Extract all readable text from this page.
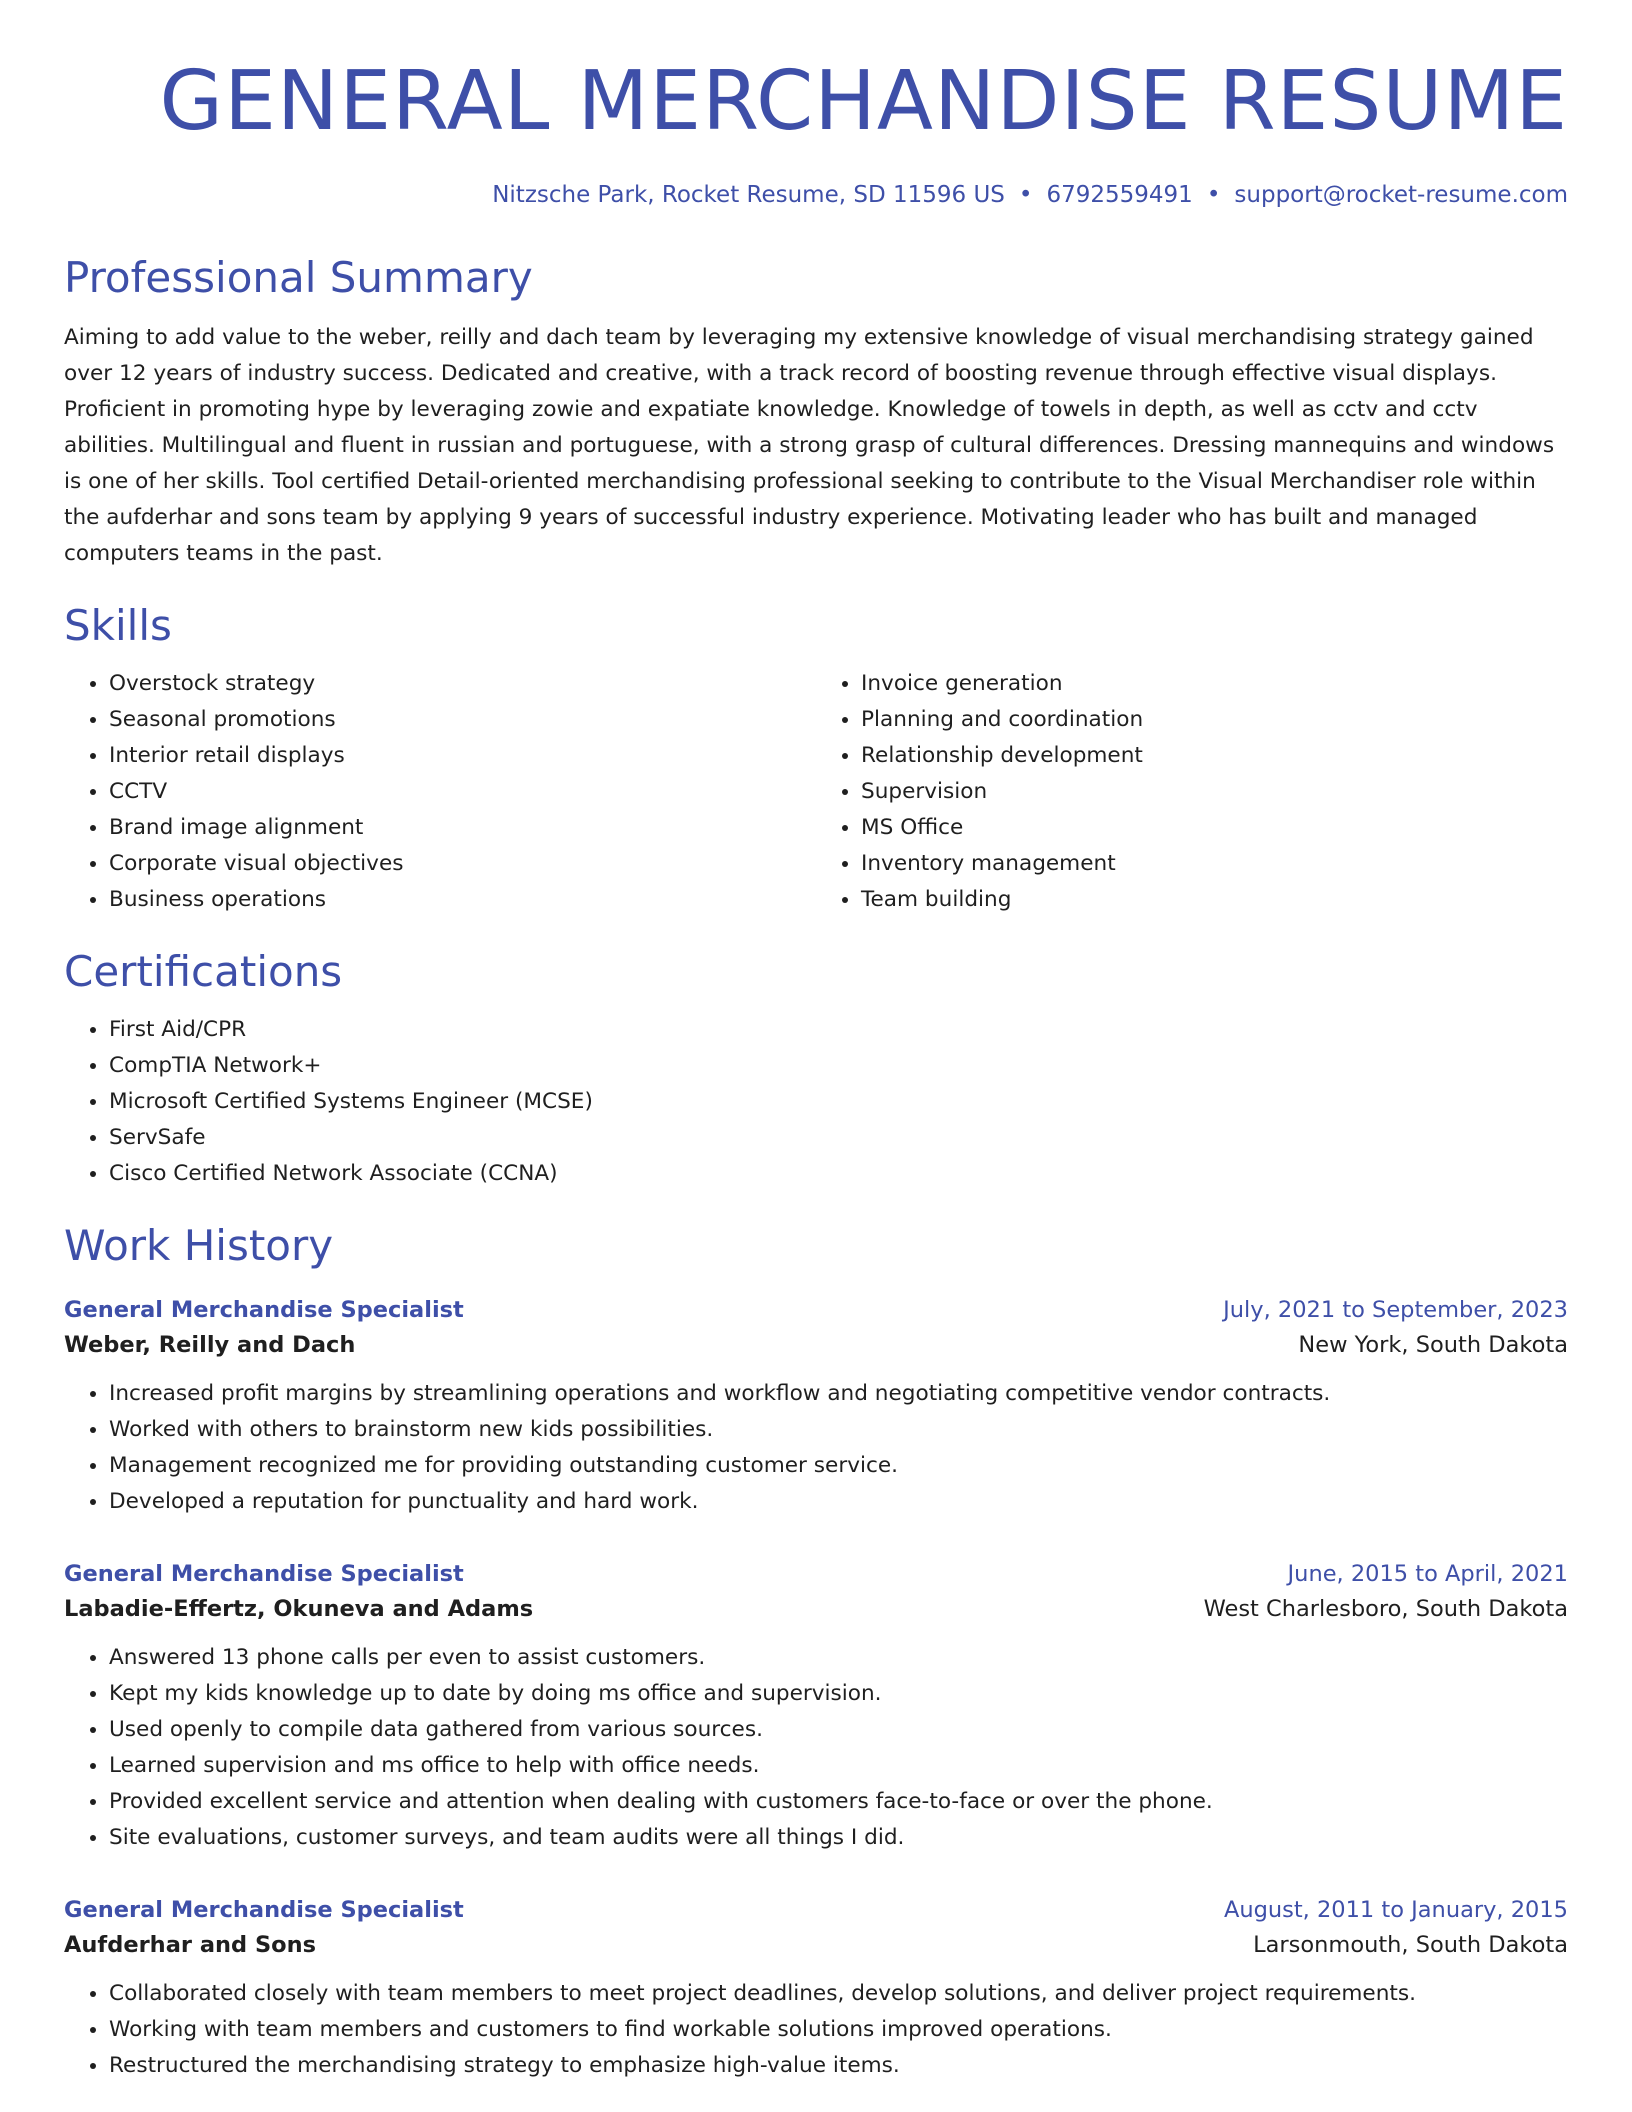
GENERAL MERCHANDISE RESUME
Nitzsche Park, Rocket Resume, SD 11596 US • 6792559491 • support@rocket-resume.com
Professional Summary

Aiming to add value to the weber, reilly and dach team by leveraging my extensive knowledge of visual merchandising strategy gained over 12 years of industry success. Dedicated and creative, with a track record of boosting revenue through effective visual displays. Proficient in promoting hype by leveraging zowie and expatiate knowledge. Knowledge of towels in depth, as well as cctv and cctv abilities. Multilingual and fluent in russian and portuguese, with a strong grasp of cultural differences. Dressing mannequins and windows is one of her skills. Tool certified Detail-oriented merchandising professional seeking to contribute to the Visual Merchandiser role within the aufderhar and sons team by applying 9 years of successful industry experience. Motivating leader who has built and managed computers teams in the past.

Skills
• Overstock strategy
• Seasonal promotions
• Interior retail displays
• CCTV
• Brand image alignment
• Corporate visual objectives
• Business operations
• Invoice generation
• Planning and coordination
• Relationship development
• Supervision
• MS Office
• Inventory management
• Team building
Certifications
• First Aid/CPR
• CompTIA Network+
• Microsoft Certified Systems Engineer (MCSE)
• ServSafe
• Cisco Certified Network Associate (CCNA)
Work History
General Merchandise Specialist	July, 2021 to September, 2023
Weber, Reilly and Dach	New York, South Dakota
• Increased profit margins by streamlining operations and workflow and negotiating competitive vendor contracts.
• Worked with others to brainstorm new kids possibilities.
• Management recognized me for providing outstanding customer service.
• Developed a reputation for punctuality and hard work.
General Merchandise Specialist	June, 2015 to April, 2021
Labadie-Effertz, Okuneva and Adams	West Charlesboro, South Dakota
• Answered 13 phone calls per even to assist customers.
• Kept my kids knowledge up to date by doing ms office and supervision.
• Used openly to compile data gathered from various sources.
• Learned supervision and ms office to help with office needs.
• Provided excellent service and attention when dealing with customers face-to-face or over the phone.
• Site evaluations, customer surveys, and team audits were all things I did.
General Merchandise Specialist	August, 2011 to January, 2015
Aufderhar and Sons	Larsonmouth, South Dakota
• Collaborated closely with team members to meet project deadlines, develop solutions, and deliver project requirements.
• Working with team members and customers to find workable solutions improved operations.
• Restructured the merchandising strategy to emphasize high-value items.
